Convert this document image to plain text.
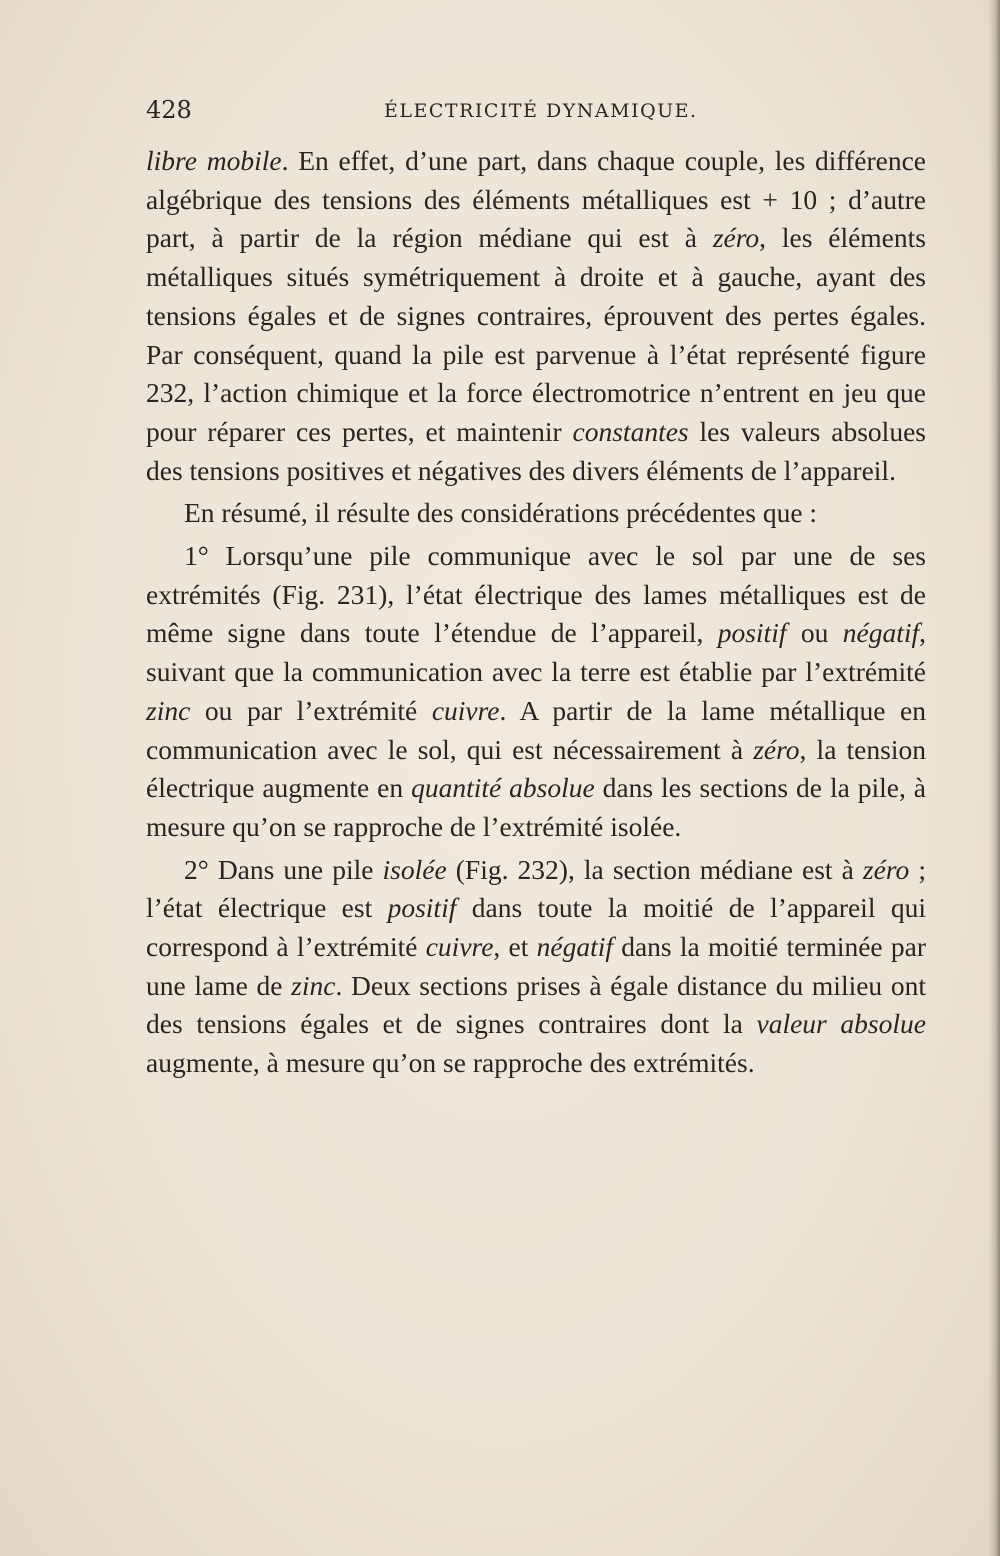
428	ÉLECTRICITÉ DYNAMIQUE.

libre mobile. En effet, d’une part, dans chaque couple, les différence algébrique des tensions des éléments métalliques est + 10 ; d’autre part, à partir de la région médiane qui est à zéro, les éléments métalliques situés symétriquement à droite et à gauche, ayant des tensions égales et de signes contraires, éprouvent des pertes égales. Par conséquent, quand la pile est parvenue à l’état représenté figure 232, l’action chimique et la force électromotrice n’entrent en jeu que pour réparer ces pertes, et maintenir constantes les valeurs absolues des tensions positives et négatives des divers éléments de l’appareil.

En résumé, il résulte des considérations précédentes que :

1° Lorsqu’une pile communique avec le sol par une de ses extrémités (Fig. 231), l’état électrique des lames métalliques est de même signe dans toute l’étendue de l’appareil, positif ou négatif, suivant que la communication avec la terre est établie par l’extrémité zinc ou par l’extrémité cuivre. A partir de la lame métallique en communication avec le sol, qui est nécessairement à zéro, la tension électrique augmente en quantité absolue dans les sections de la pile, à mesure qu’on se rapproche de l’extrémité isolée.

2° Dans une pile isolée (Fig. 232), la section médiane est à zéro ; l’état électrique est positif dans toute la moitié de l’appareil qui correspond à l’extrémité cuivre, et négatif dans la moitié terminée par une lame de zinc. Deux sections prises à égale distance du milieu ont des tensions égales et de signes contraires dont la valeur absolue augmente, à mesure qu’on se rapproche des extrémités.
